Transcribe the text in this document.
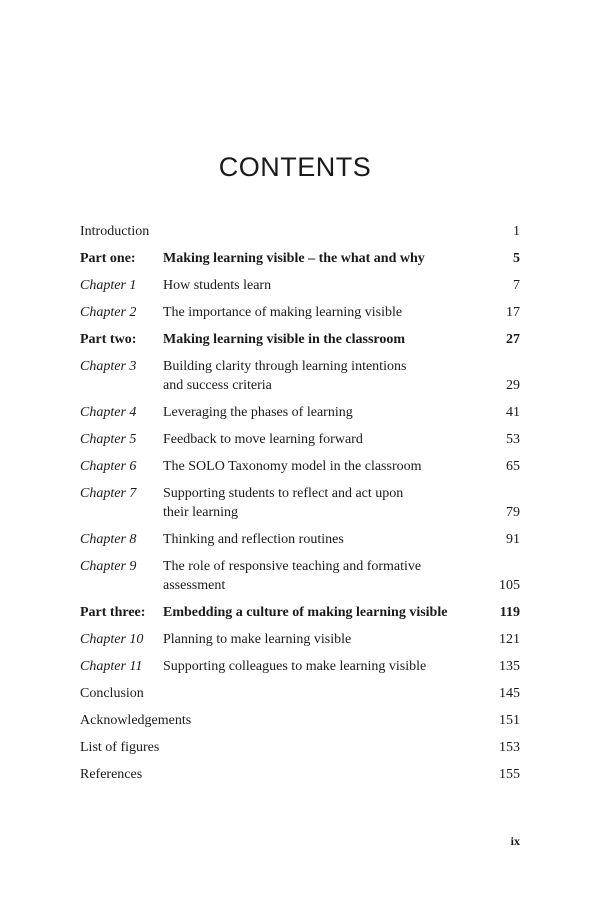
CONTENTS
Introduction	1
Part one:	Making learning visible – the what and why	5
Chapter 1	How students learn	7
Chapter 2	The importance of making learning visible	17
Part two:	Making learning visible in the classroom	27
Chapter 3	Building clarity through learning intentions
and success criteria	29
Chapter 4	Leveraging the phases of learning	41
Chapter 5	Feedback to move learning forward	53
Chapter 6	The SOLO Taxonomy model in the classroom	65
Chapter 7	Supporting students to reflect and act upon
their learning	79
Chapter 8	Thinking and reflection routines	91
Chapter 9	The role of responsive teaching and formative
assessment	105
Part three:	Embedding a culture of making learning visible	119
Chapter 10	Planning to make learning visible	121
Chapter 11	Supporting colleagues to make learning visible	135
Conclusion	145
Acknowledgements	151
List of figures	153
References	155
ix
